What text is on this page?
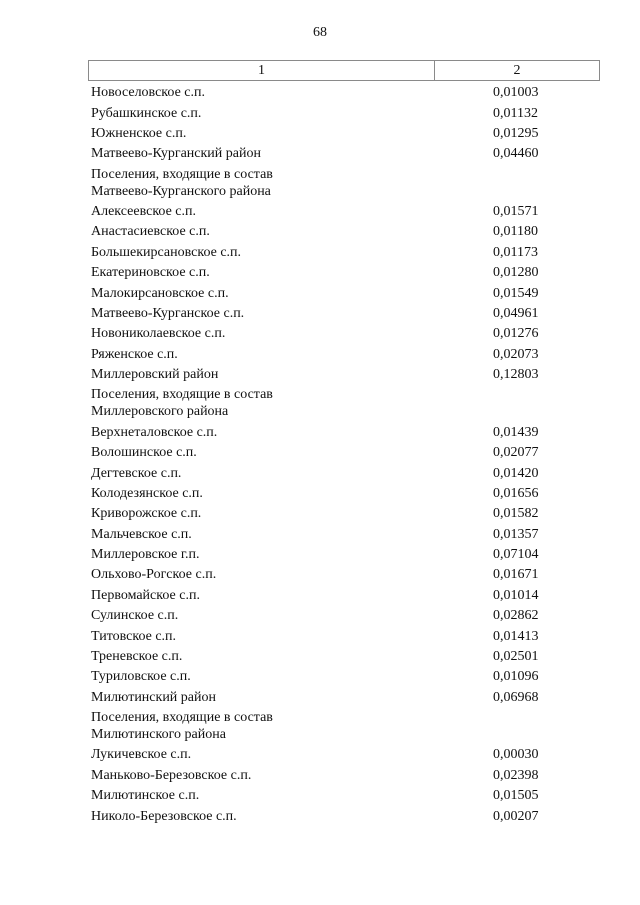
68
1	2
Новоселовское с.п.	0,01003
Рубашкинское с.п.	0,01132
Южненское с.п.	0,01295
Матвеево-Курганский район	0,04460
Поселения, входящие в состав
Матвеево-Курганского района
Алексеевское с.п.	0,01571
Анастасиевское с.п.	0,01180
Большекирсановское с.п.	0,01173
Екатериновское с.п.	0,01280
Малокирсановское с.п.	0,01549
Матвеево-Курганское с.п.	0,04961
Новониколаевское с.п.	0,01276
Ряженское с.п.	0,02073
Миллеровский район	0,12803
Поселения, входящие в состав
Миллеровского района
Верхнеталовское с.п.	0,01439
Волошинское с.п.	0,02077
Дегтевское с.п.	0,01420
Колодезянское с.п.	0,01656
Криворожское с.п.	0,01582
Мальчевское с.п.	0,01357
Миллеровское г.п.	0,07104
Ольхово-Рогское с.п.	0,01671
Первомайское с.п.	0,01014
Сулинское с.п.	0,02862
Титовское с.п.	0,01413
Треневское с.п.	0,02501
Туриловское с.п.	0,01096
Милютинский район	0,06968
Поселения, входящие в состав
Милютинского района
Лукичевское с.п.	0,00030
Маньково-Березовское с.п.	0,02398
Милютинское с.п.	0,01505
Николо-Березовское с.п.	0,00207
